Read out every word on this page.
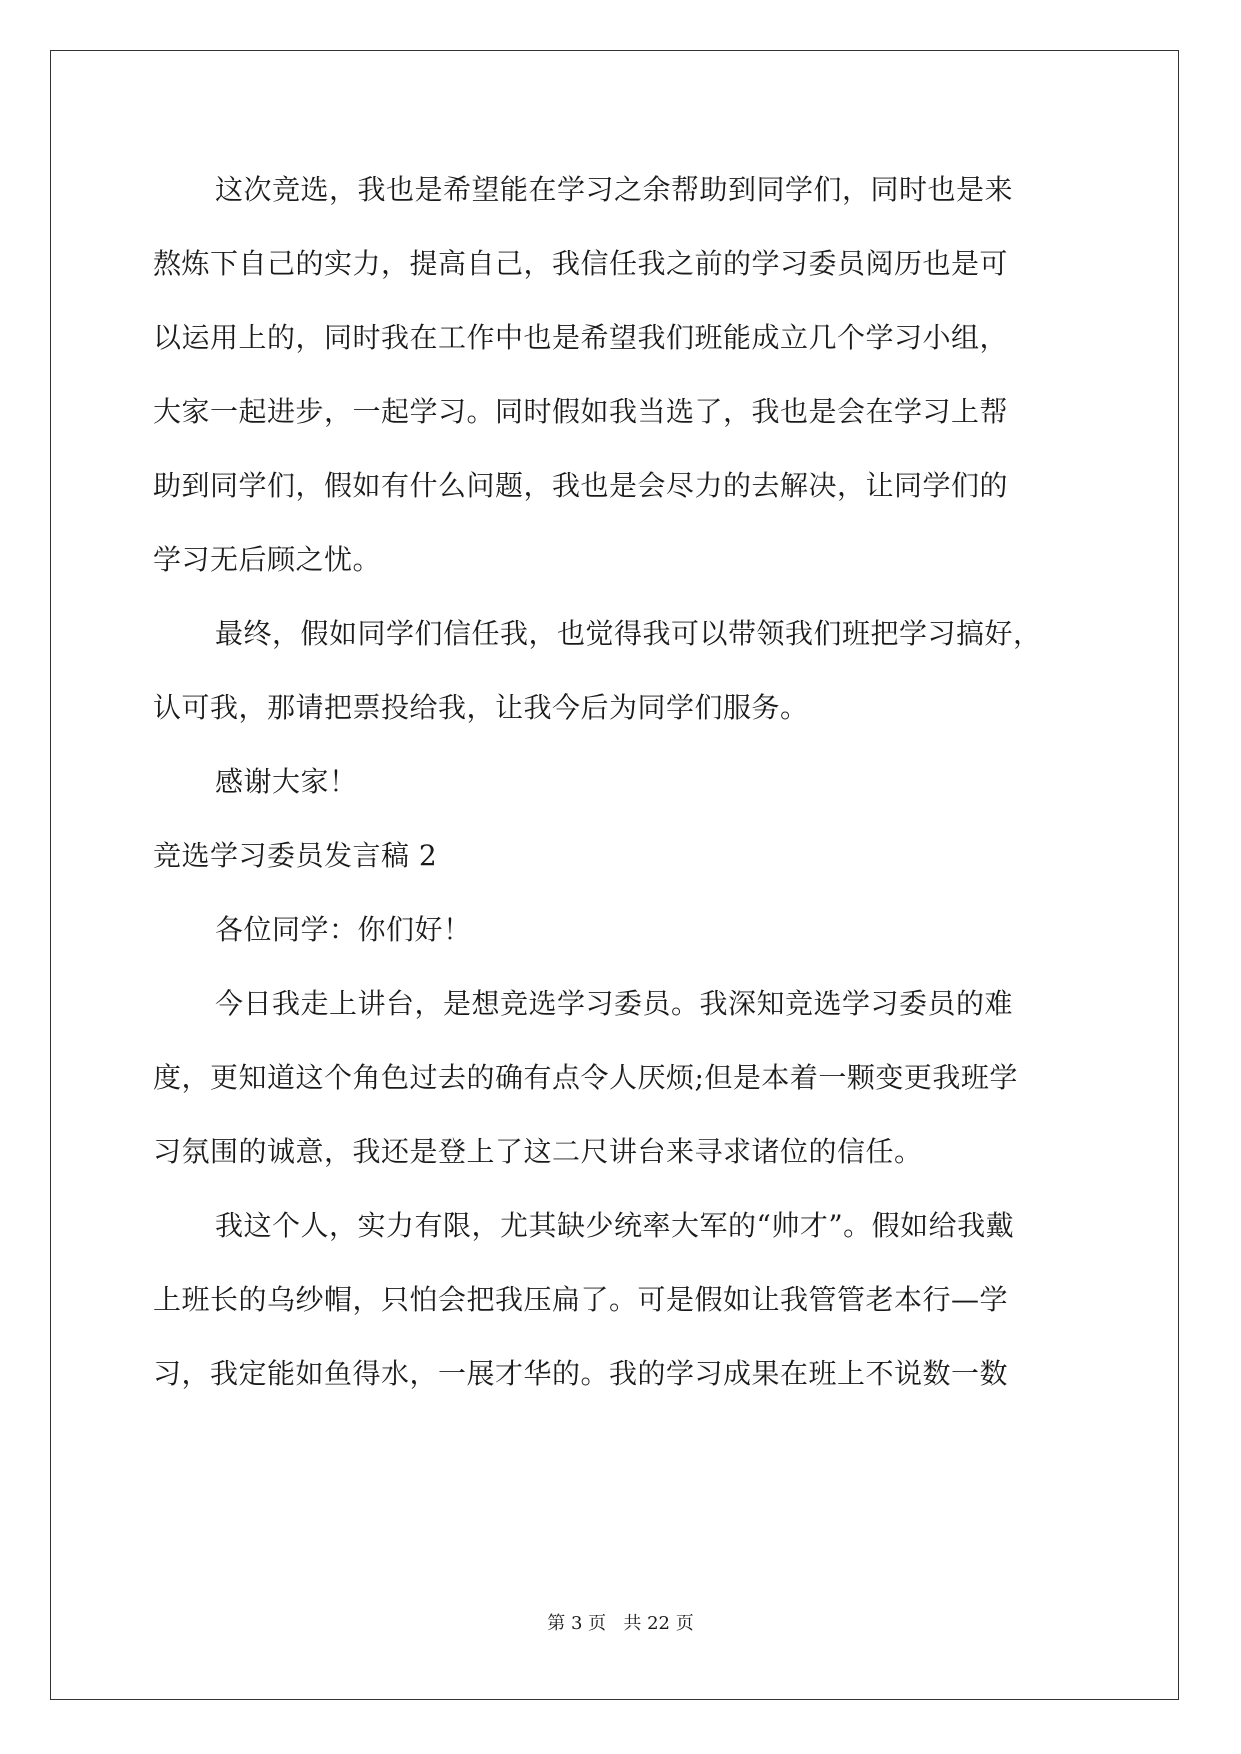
这次竞选，我也是希望能在学习之余帮助到同学们，同时也是来
熬炼下自己的实力，提高自己，我信任我之前的学习委员阅历也是可
以运用上的，同时我在工作中也是希望我们班能成立几个学习小组，
大家一起进步，一起学习。同时假如我当选了，我也是会在学习上帮
助到同学们，假如有什么问题，我也是会尽力的去解决，让同学们的
学习无后顾之忧。
最终，假如同学们信任我，也觉得我可以带领我们班把学习搞好，
认可我，那请把票投给我，让我今后为同学们服务。
感谢大家！
竞选学习委员发言稿 2
各位同学：你们好！
今日我走上讲台，是想竞选学习委员。我深知竞选学习委员的难
度，更知道这个角色过去的确有点令人厌烦;但是本着一颗变更我班学
习氛围的诚意，我还是登上了这二尺讲台来寻求诸位的信任。
我这个人，实力有限，尤其缺少统率大军的“帅才”。假如给我戴
上班长的乌纱帽，只怕会把我压扁了。可是假如让我管管老本行—学
习，我定能如鱼得水，一展才华的。我的学习成果在班上不说数一数
第 3 页   共 22 页
